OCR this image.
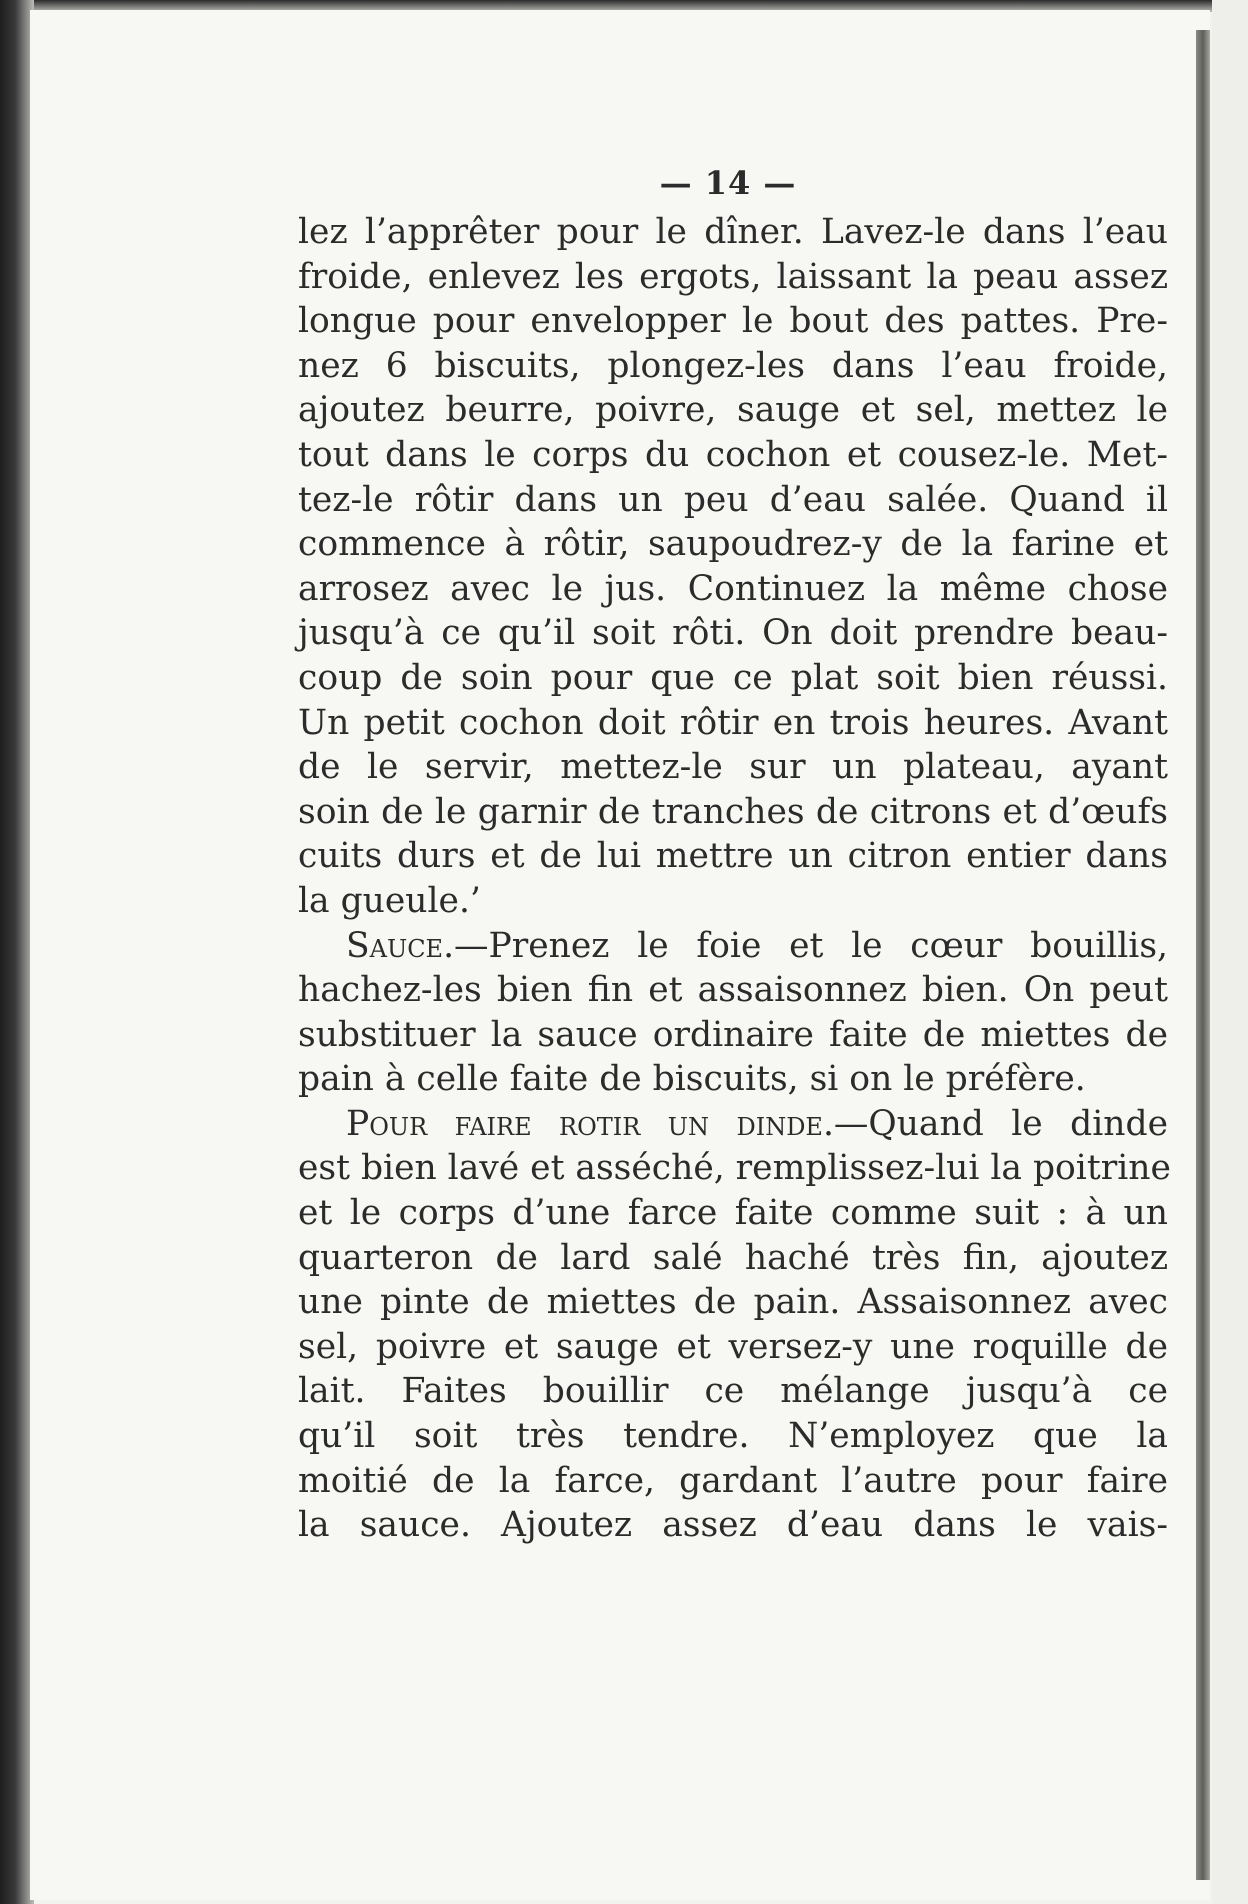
— 14 —
lez l’apprêter pour le dîner. Lavez-le dans l’eau
froide, enlevez les ergots, laissant la peau assez
longue pour envelopper le bout des pattes. Pre-
nez 6 biscuits, plongez-les dans l’eau froide,
ajoutez beurre, poivre, sauge et sel, mettez le
tout dans le corps du cochon et cousez-le. Met-
tez-le rôtir dans un peu d’eau salée. Quand il
commence à rôtir, saupoudrez-y de la farine et
arrosez avec le jus. Continuez la même chose
jusqu’à ce qu’il soit rôti. On doit prendre beau-
coup de soin pour que ce plat soit bien réussi.
Un petit cochon doit rôtir en trois heures. Avant
de le servir, mettez-le sur un plateau, ayant
soin de le garnir de tranches de citrons et d’œufs
cuits durs et de lui mettre un citron entier dans
la gueule.’
Sauce.—Prenez le foie et le cœur bouillis,
hachez-les bien fin et assaisonnez bien. On peut
substituer la sauce ordinaire faite de miettes de
pain à celle faite de biscuits, si on le préfère.
Pour faire rotir un dinde.—Quand le dinde
est bien lavé et asséché, remplissez-lui la poitrine
et le corps d’une farce faite comme suit : à un
quarteron de lard salé haché très fin, ajoutez
une pinte de miettes de pain. Assaisonnez avec
sel, poivre et sauge et versez-y une roquille de
lait. Faites bouillir ce mélange jusqu’à ce
qu’il soit très tendre. N’employez que la
moitié de la farce, gardant l’autre pour faire
la sauce. Ajoutez assez d’eau dans le vais-
